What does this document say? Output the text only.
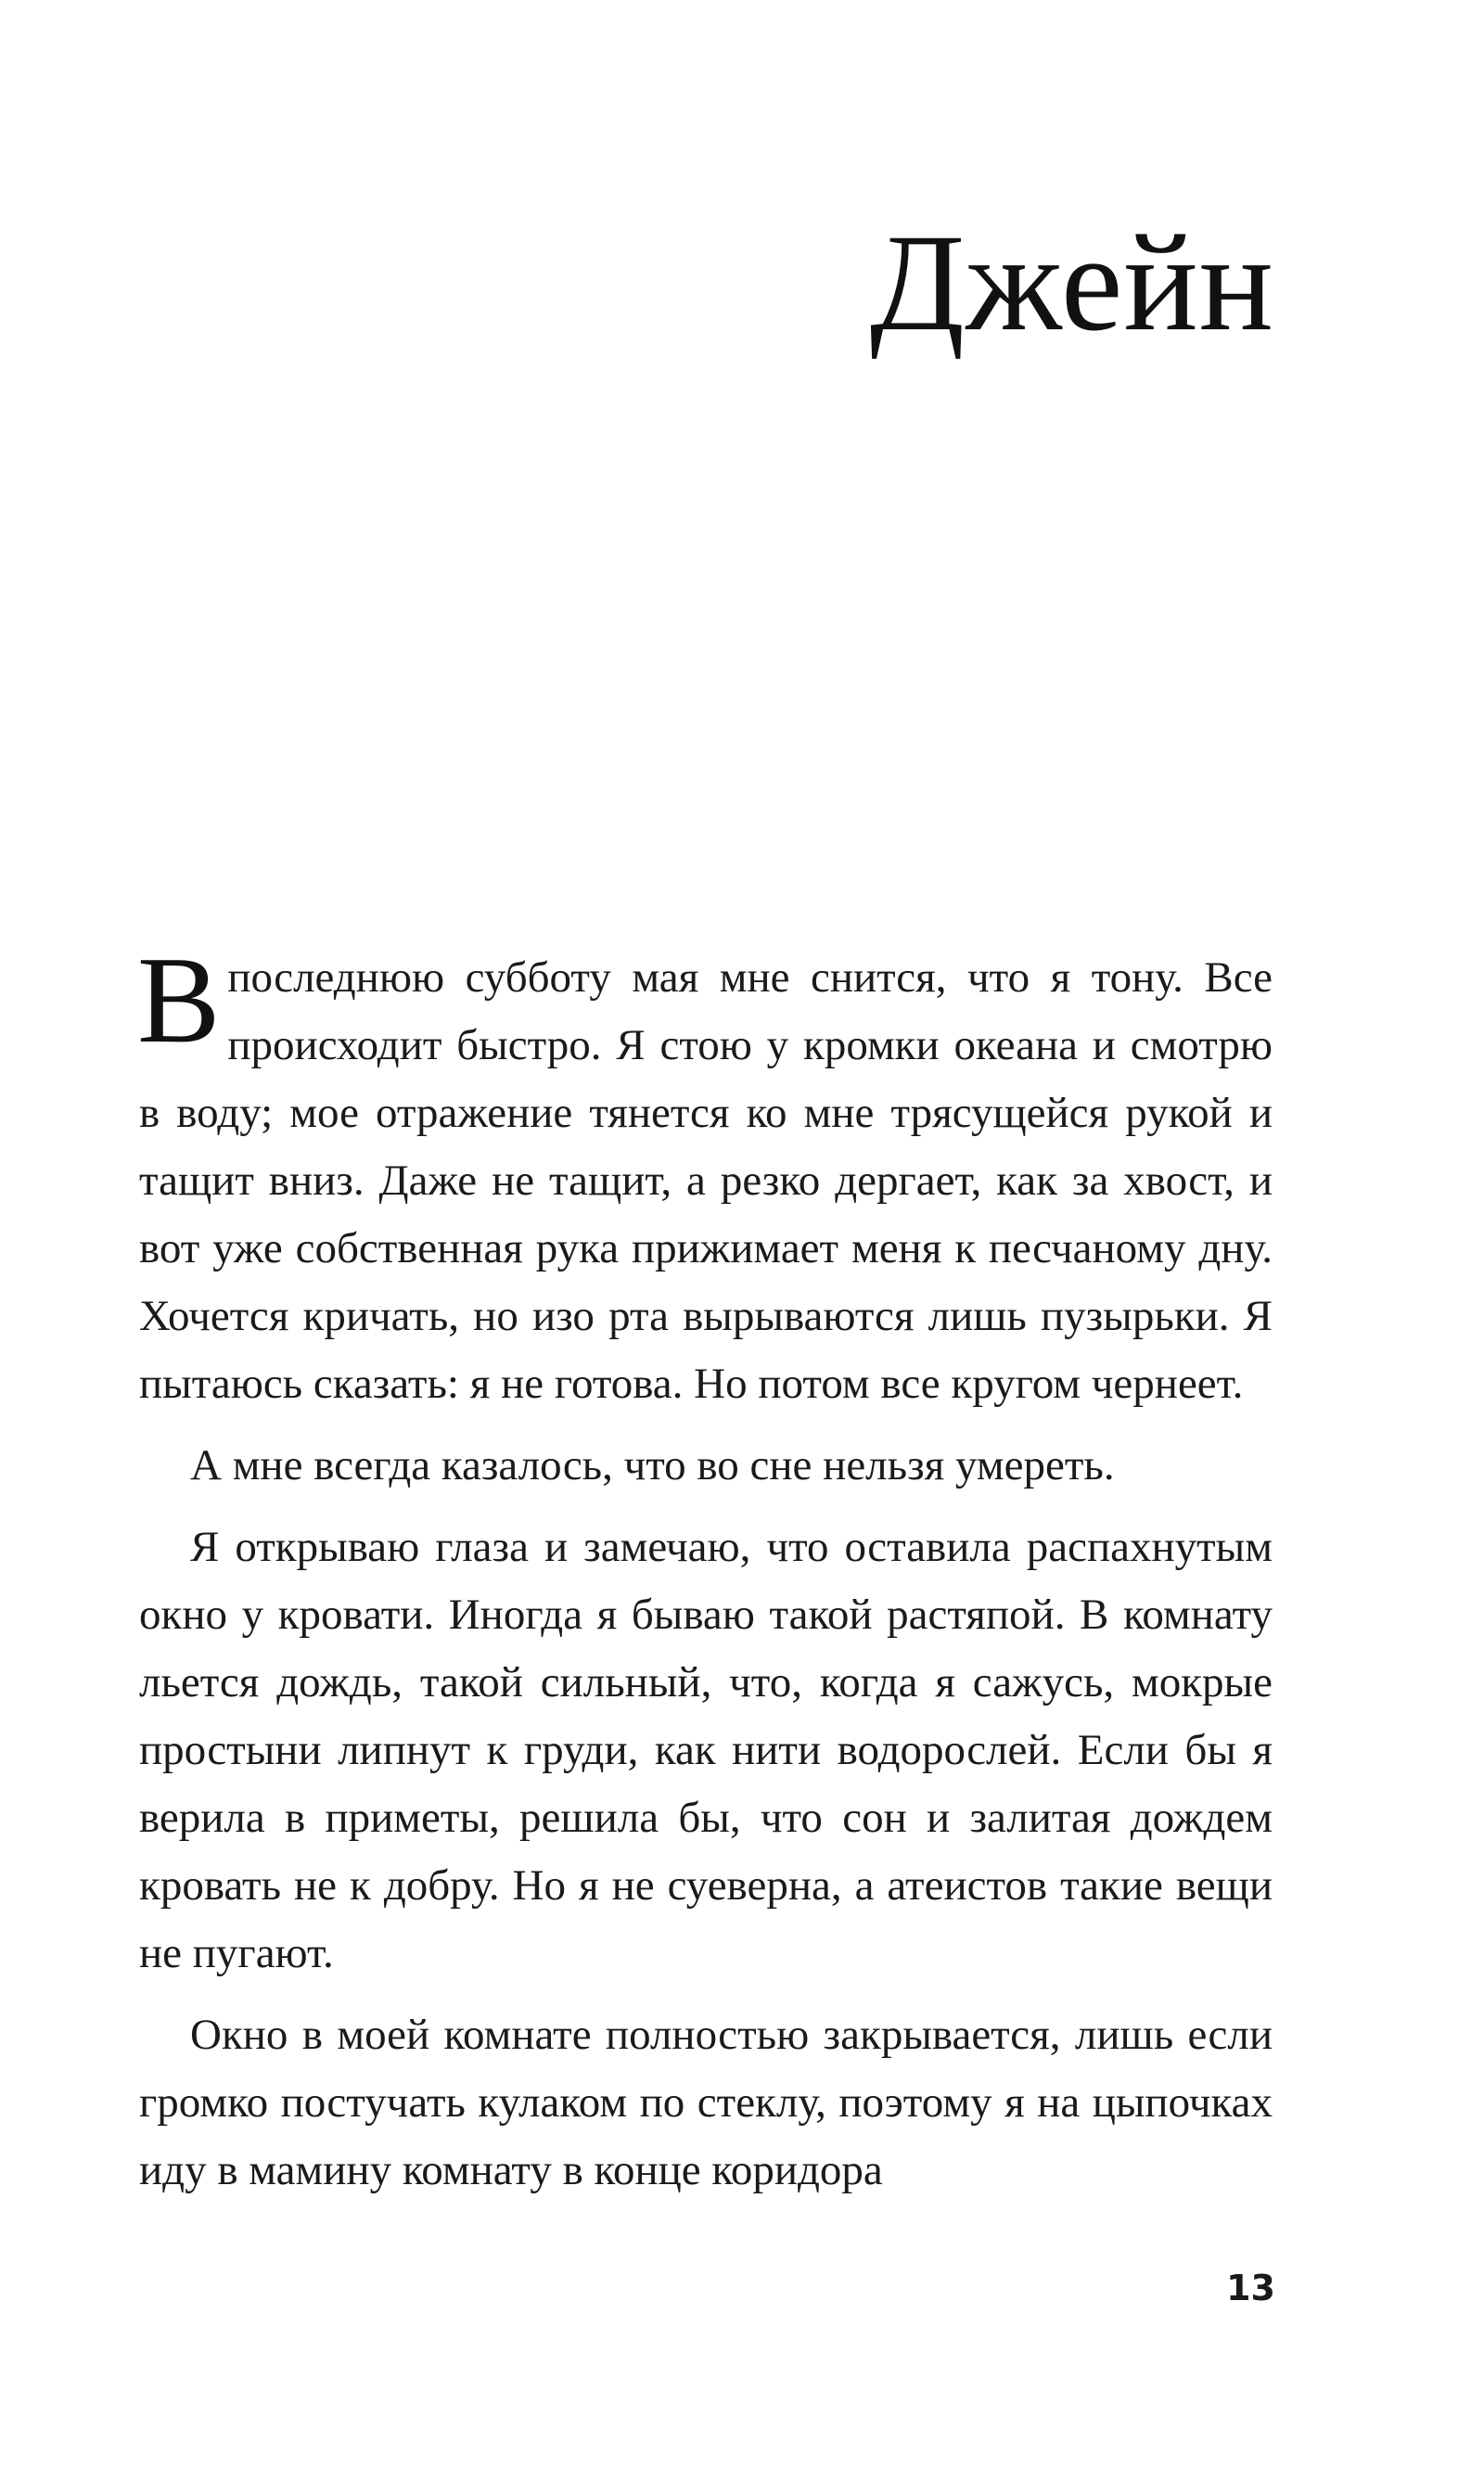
Джейн

Впоследнюю субботу мая мне снится, что я тону. Все происходит быстро. Я стою у кромки океана и смотрю в воду; мое отражение тянется ко мне трясущейся рукой и тащит вниз. Даже не тащит, а резко дергает, как за хвост, и вот уже собственная рука прижимает меня к песчаному дну. Хочется кричать, но изо рта вырываются лишь пузырьки. Я пытаюсь сказать: я не готова. Но потом все кругом чернеет.

А мне всегда казалось, что во сне нельзя умереть.

Я открываю глаза и замечаю, что оставила распахнутым окно у кровати. Иногда я бываю такой растяпой. В комнату льется дождь, такой сильный, что, когда я сажусь, мокрые простыни липнут к груди, как нити водорослей. Если бы я верила в приметы, решила бы, что сон и залитая дождем кровать не к добру. Но я не суеверна, а атеистов такие вещи не пугают.

Окно в моей комнате полностью закрывается, лишь если громко постучать кулаком по стеклу, поэтому я на цыпочках иду в мамину комнату в конце коридора

13
